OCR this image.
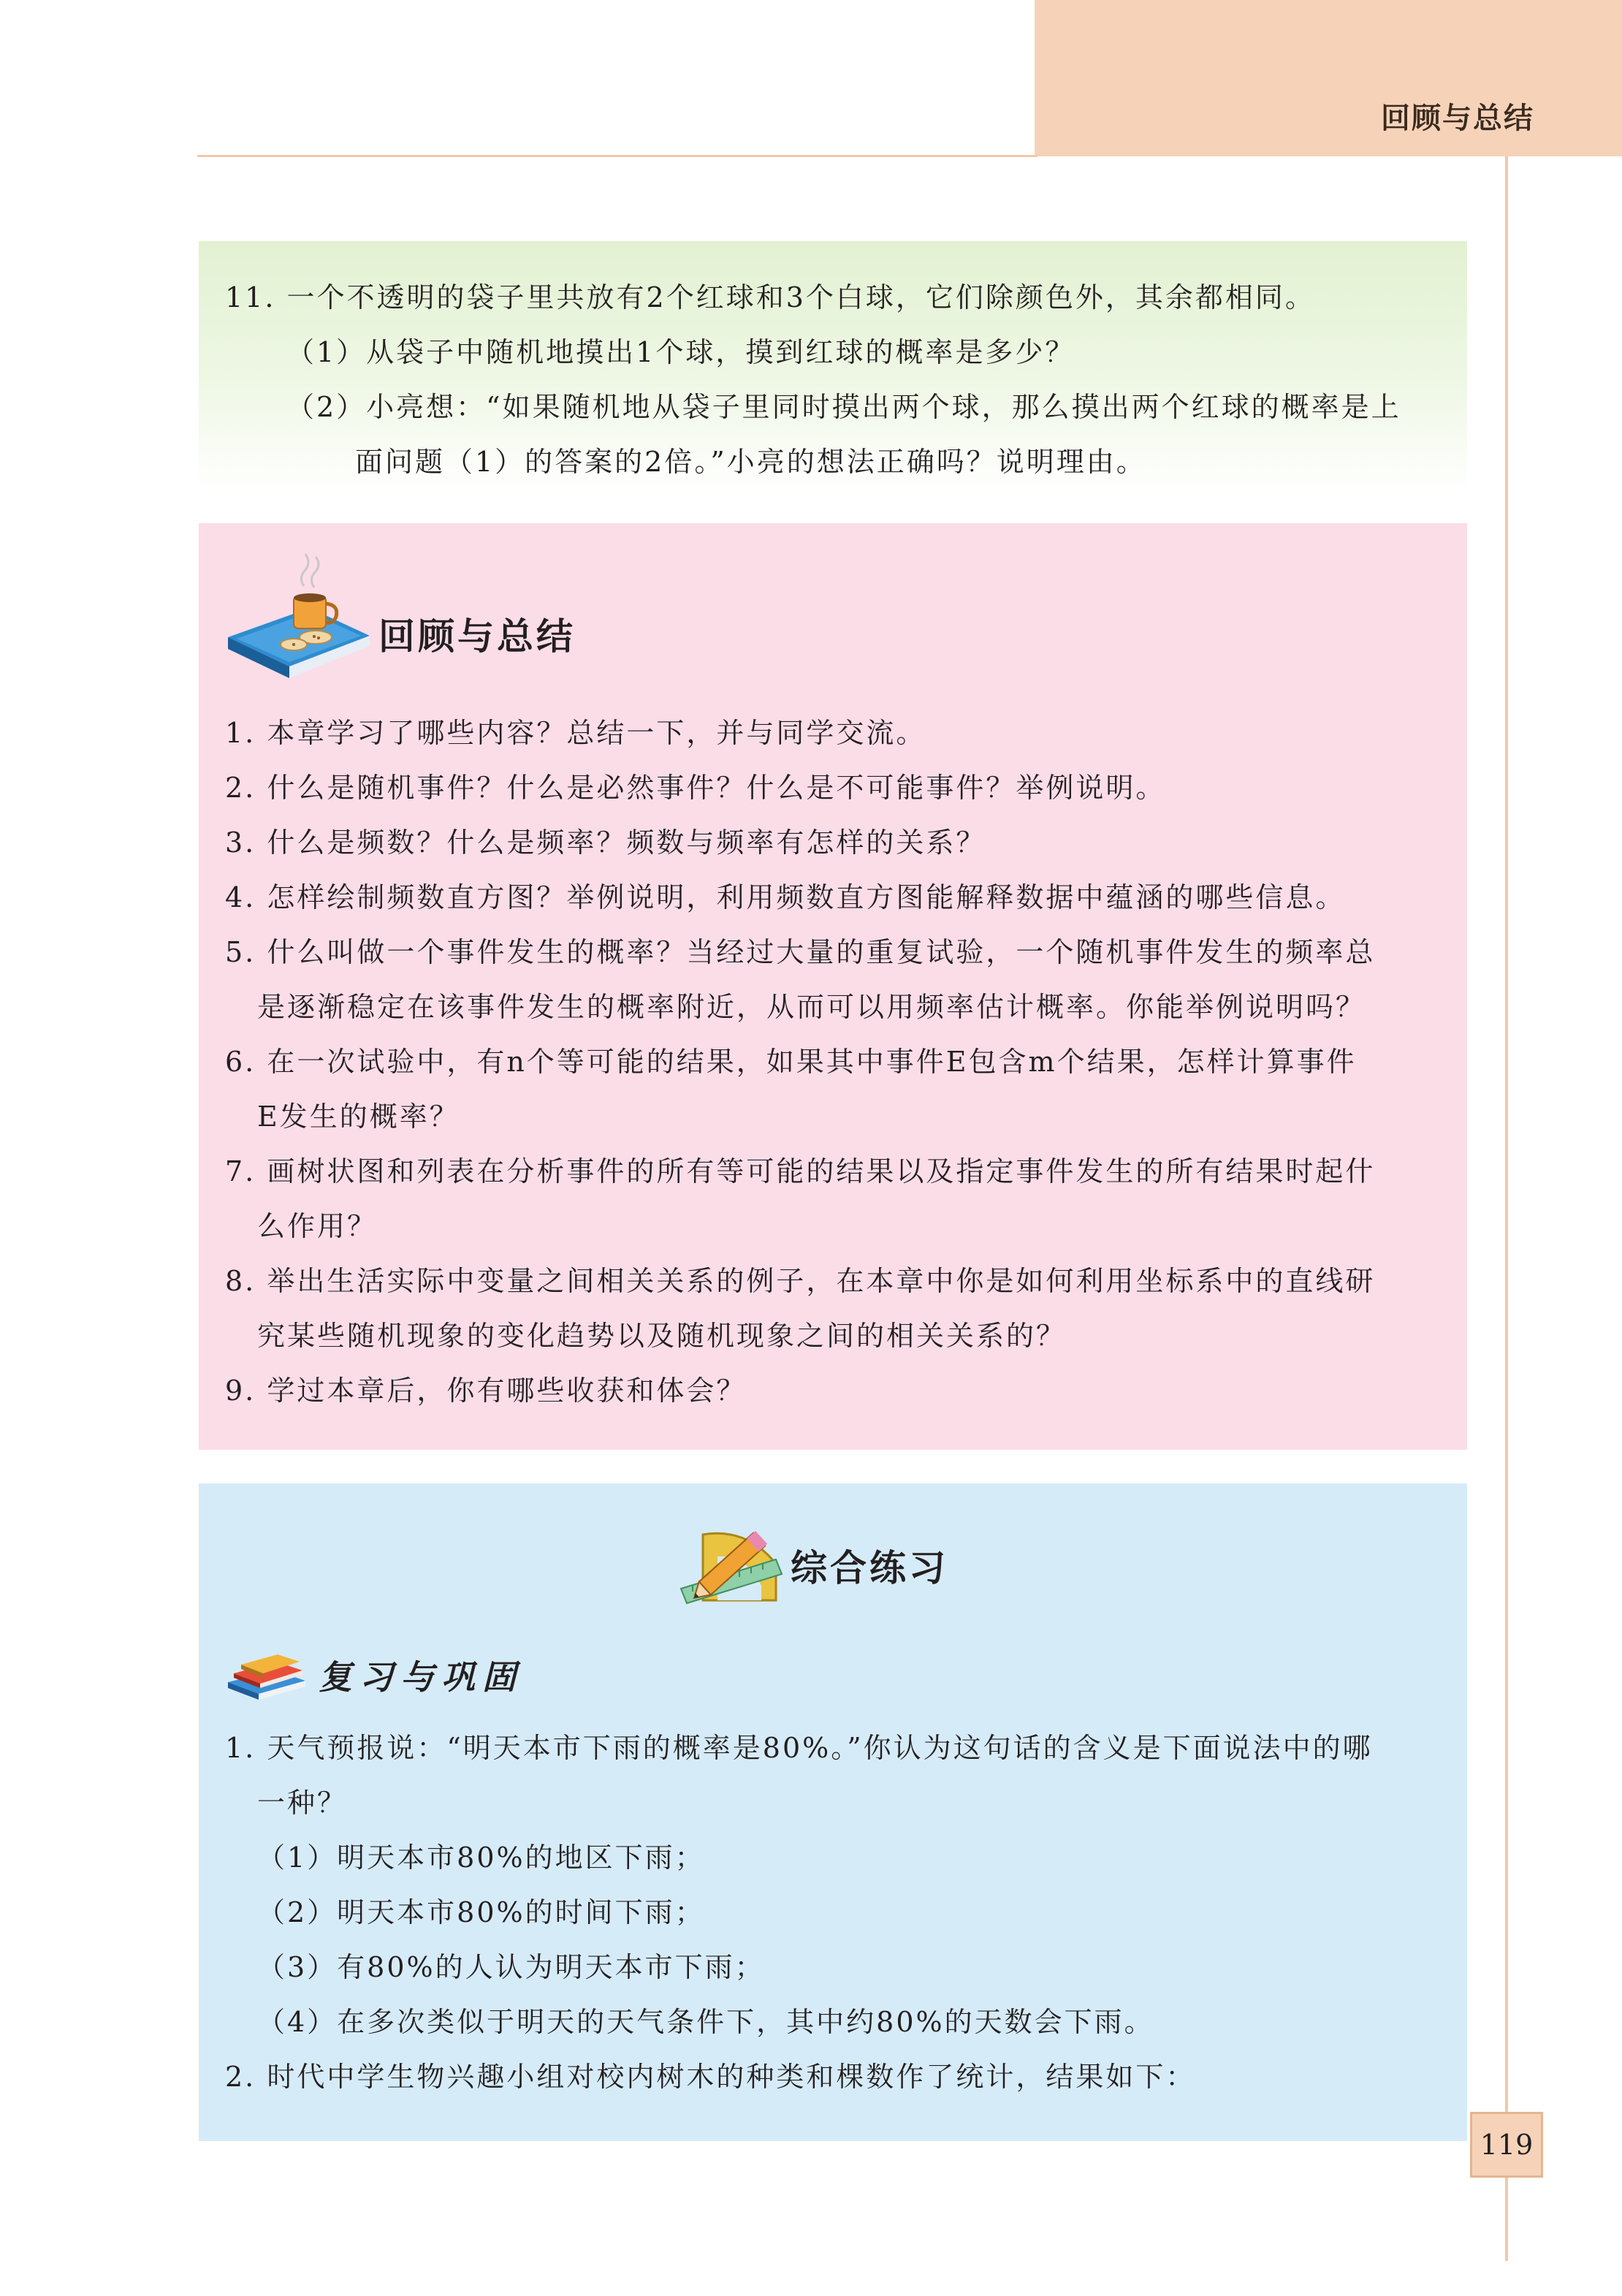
回顾与总结
11. 一个不透明的袋子里共放有2个红球和3个白球，它们除颜色外，其余都相同。
（1）从袋子中随机地摸出1个球，摸到红球的概率是多少？
（2）小亮想：“如果随机地从袋子里同时摸出两个球，那么摸出两个红球的概率是上
面问题（1）的答案的2倍。”小亮的想法正确吗？说明理由。
回顾与总结
1. 本章学习了哪些内容？总结一下，并与同学交流。
2. 什么是随机事件？什么是必然事件？什么是不可能事件？举例说明。
3. 什么是频数？什么是频率？频数与频率有怎样的关系？
4. 怎样绘制频数直方图？举例说明，利用频数直方图能解释数据中蕴涵的哪些信息。
5. 什么叫做一个事件发生的概率？当经过大量的重复试验，一个随机事件发生的频率总
是逐渐稳定在该事件发生的概率附近，从而可以用频率估计概率。你能举例说明吗？
6. 在一次试验中，有n个等可能的结果，如果其中事件E包含m个结果，怎样计算事件
E发生的概率？
7. 画树状图和列表在分析事件的所有等可能的结果以及指定事件发生的所有结果时起什
么作用？
8. 举出生活实际中变量之间相关关系的例子，在本章中你是如何利用坐标系中的直线研
究某些随机现象的变化趋势以及随机现象之间的相关关系的？
9. 学过本章后，你有哪些收获和体会？
综合练习
复习与巩固
1. 天气预报说：“明天本市下雨的概率是80%。”你认为这句话的含义是下面说法中的哪
一种？
（1）明天本市80%的地区下雨；
（2）明天本市80%的时间下雨；
（3）有80%的人认为明天本市下雨；
（4）在多次类似于明天的天气条件下，其中约80%的天数会下雨。
2. 时代中学生物兴趣小组对校内树木的种类和棵数作了统计，结果如下：
119
